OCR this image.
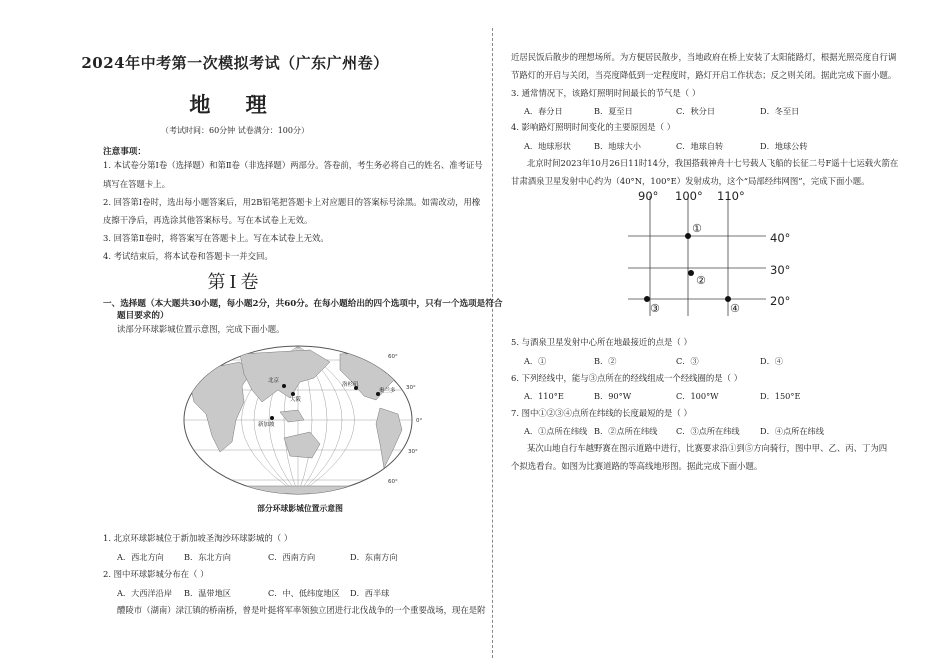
2024年中考第一次模拟考试（广东广州卷）
地 理
（考试时间：60分钟 试卷满分：100分）
注意事项：
1. 本试卷分第Ⅰ卷（选择题）和第Ⅱ卷（非选择题）两部分。答卷前，考生务必将自己的姓名、准考证号
填写在答题卡上。
2. 回答第Ⅰ卷时，选出每小题答案后，用2B铅笔把答题卡上对应题目的答案标号涂黑。如需改动，用橡
皮擦干净后，再选涂其他答案标号。写在本试卷上无效。
3. 回答第Ⅱ卷时，将答案写在答题卡上。写在本试卷上无效。
4. 考试结束后，将本试卷和答题卡一并交回。
第Ⅰ卷
一、选择题（本大题共30小题，每小题2分，共60分。在每小题给出的四个选项中，只有一个选项是符合
题目要求的）
读部分环球影城位置示意图，完成下面小题。
北京
大阪
新加坡
洛杉矶
奥兰多
60°
30°
0°
30°
60°
部分环球影城位置示意图
1. 北京环球影城位于新加坡圣淘沙环球影城的（ ）
A．西北方向 B．东北方向	C．西南方向	D．东南方向
2. 图中环球影城分布在（ ）
A．大西洋沿岸 B．温带地区	C．中、低纬度地区 D．西半球
醴陵市（湖南）渌江镇的桥南桥，曾是叶挺将军率领独立团进行北伐战争的一个重要战场，现在是附
近居民饭后散步的理想场所。为方便居民散步，当地政府在桥上安装了太阳能路灯，根据光照亮度自行调
节路灯的开启与关闭，当亮度降低到一定程度时，路灯开启工作状态；反之则关闭。据此完成下面小题。
3. 通常情况下，该路灯照明时间最长的节气是（ ）
A．春分日	B．夏至日	C．秋分日	D．冬至日
4. 影响路灯照明时间变化的主要原因是（ ）
A．地球形状	B．地球大小	C．地球自转	D．地球公转
北京时间2023年10月26日11时14分，我国搭载神舟十七号载人飞船的长征二号F遥十七运载火箭在
甘肃酒泉卫星发射中心约为（40°N，100°E）发射成功，这个“局部经纬网图”，完成下面小题。
90° 100° 110°
40°
30°
20°
①
②
③	④
5. 与酒泉卫星发射中心所在地最接近的点是（ ）
A．①	B．②	C．③	D．④
6. 下列经线中，能与③点所在的经线组成一个经线圈的是（ ）
A．110°E	B．90°W	C．100°W	D．150°E
7. 图中①②③④点所在纬线的长度最短的是（ ）
A．①点所在纬线 B．②点所在纬线 C．③点所在纬线 D．④点所在纬线
某次山地自行车越野赛在图示道路中进行，比赛要求沿①到⑤方向骑行，图中甲、乙、丙、丁为四
个拟选看台。如图为比赛道路的等高线地形图。据此完成下面小题。
